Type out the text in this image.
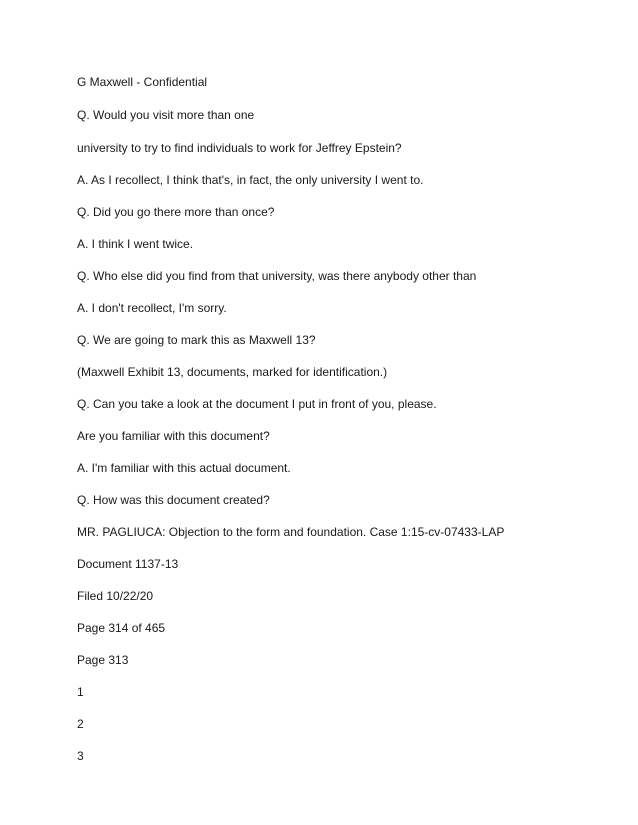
G Maxwell - Confidential
Q. Would you visit more than one
university to try to find individuals to work for Jeffrey Epstein?
A. As I recollect, I think that's, in fact, the only university I went to.
Q. Did you go there more than once?
A. I think I went twice.
Q. Who else did you find from that university, was there anybody other than
A. I don't recollect, I'm sorry.
Q. We are going to mark this as Maxwell 13?
(Maxwell Exhibit 13, documents, marked for identification.)
Q. Can you take a look at the document I put in front of you, please.
Are you familiar with this document?
A. I'm familiar with this actual document.
Q. How was this document created?
MR. PAGLIUCA: Objection to the form and foundation. Case 1:15-cv-07433-LAP
Document 1137-13
Filed 10/22/20
Page 314 of 465
Page 313
1
2
3
